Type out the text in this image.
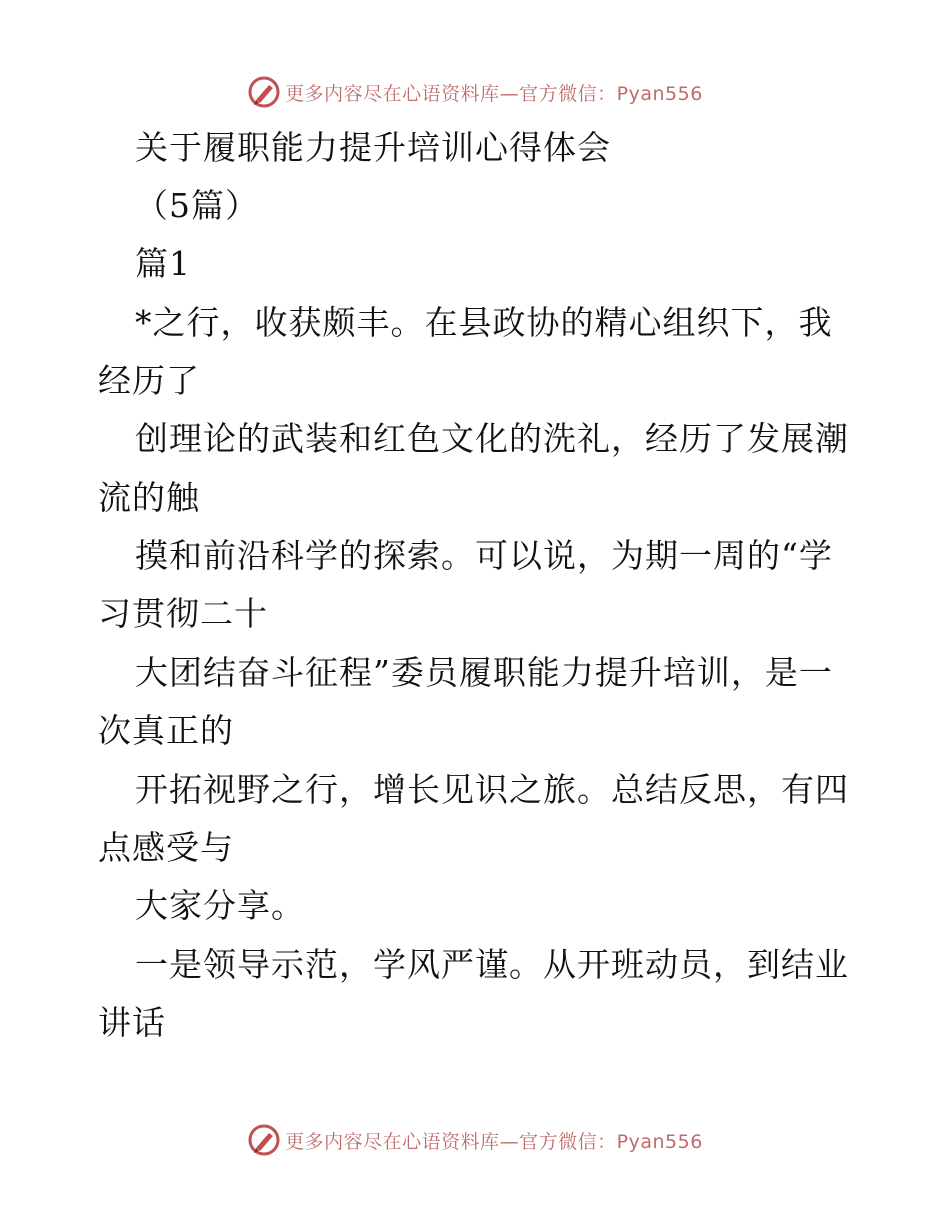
更多内容尽在心语资料库—官方微信：Pyan556
关于履职能力提升培训心得体会
（5篇）
篇1
*之行，收获颇丰。在县政协的精心组织下，我
经历了
创理论的武装和红色文化的洗礼，经历了发展潮
流的触
摸和前沿科学的探索。可以说，为期一周的“学
习贯彻二十
大团结奋斗征程”委员履职能力提升培训，是一
次真正的
开拓视野之行，增长见识之旅。总结反思，有四
点感受与
大家分享。
一是领导示范，学风严谨。从开班动员，到结业
讲话
更多内容尽在心语资料库—官方微信：Pyan556
